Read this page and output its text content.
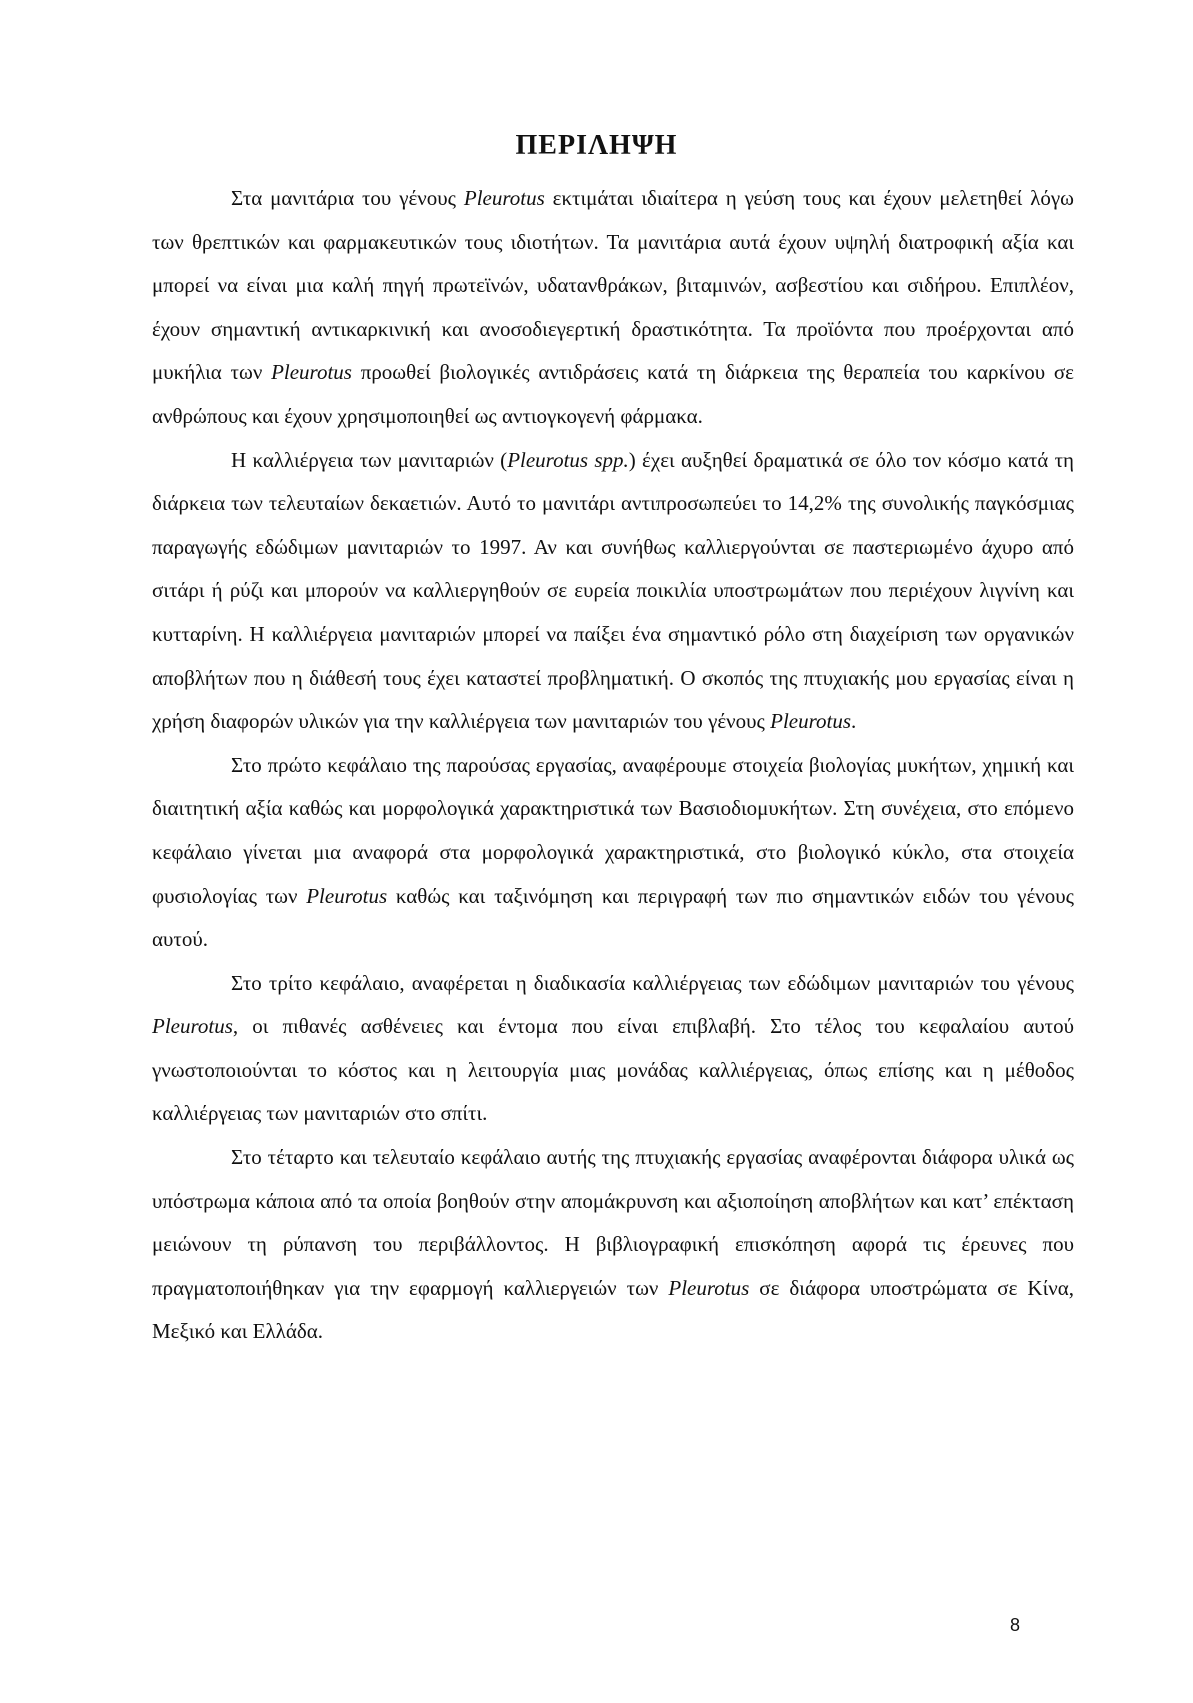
ΠΕΡΙΛΗΨΗ

Στα μανιτάρια του γένους Pleurotus εκτιμάται ιδιαίτερα η γεύση τους και έχουν μελετηθεί λόγω των θρεπτικών και φαρμακευτικών τους ιδιοτήτων. Τα μανιτάρια αυτά έχουν υψηλή διατροφική αξία και μπορεί να είναι μια καλή πηγή πρωτεϊνών, υδατανθράκων, βιταμινών, ασβεστίου και σιδήρου. Επιπλέον, έχουν σημαντική αντικαρκινική και ανοσοδιεγερτική δραστικότητα. Τα προϊόντα που προέρχονται από μυκήλια των Pleurotus προωθεί βιολογικές αντιδράσεις κατά τη διάρκεια της θεραπεία του καρκίνου σε ανθρώπους και έχουν χρησιμοποιηθεί ως αντιογκογενή φάρμακα.

Η καλλιέργεια των μανιταριών (Pleurotus spp.) έχει αυξηθεί δραματικά σε όλο τον κόσμο κατά τη διάρκεια των τελευταίων δεκαετιών. Αυτό το μανιτάρι αντιπροσωπεύει το 14,2% της συνολικής παγκόσμιας παραγωγής εδώδιμων μανιταριών το 1997. Αν και συνήθως καλλιεργούνται σε παστεριωμένο άχυρο από σιτάρι ή ρύζι και μπορούν να καλλιεργηθούν σε ευρεία ποικιλία υποστρωμάτων που περιέχουν λιγνίνη και κυτταρίνη. Η καλλιέργεια μανιταριών μπορεί να παίξει ένα σημαντικό ρόλο στη διαχείριση των οργανικών αποβλήτων που η διάθεσή τους έχει καταστεί προβληματική. Ο σκοπός της πτυχιακής μου εργασίας είναι η χρήση διαφορών υλικών για την καλλιέργεια των μανιταριών του γένους Pleurotus.

Στο πρώτο κεφάλαιο της παρούσας εργασίας, αναφέρουμε στοιχεία βιολογίας μυκήτων, χημική και διαιτητική αξία καθώς και μορφολογικά χαρακτηριστικά των Βασιοδιομυκήτων. Στη συνέχεια, στο επόμενο κεφάλαιο γίνεται μια αναφορά στα μορφολογικά χαρακτηριστικά, στο βιολογικό κύκλο, στα στοιχεία φυσιολογίας των Pleurotus καθώς και ταξινόμηση και περιγραφή των πιο σημαντικών ειδών του γένους αυτού.

Στο τρίτο κεφάλαιο, αναφέρεται η διαδικασία καλλιέργειας των εδώδιμων μανιταριών του γένους Pleurotus, οι πιθανές ασθένειες και έντομα που είναι επιβλαβή. Στο τέλος του κεφαλαίου αυτού γνωστοποιούνται το κόστος και η λειτουργία μιας μονάδας καλλιέργειας, όπως επίσης και η μέθοδος καλλιέργειας των μανιταριών στο σπίτι.

Στο τέταρτο και τελευταίο κεφάλαιο αυτής της πτυχιακής εργασίας αναφέρονται διάφορα υλικά ως υπόστρωμα κάποια από τα οποία βοηθούν στην απομάκρυνση και αξιοποίηση αποβλήτων και κατ’ επέκταση μειώνουν τη ρύπανση του περιβάλλοντος. Η βιβλιογραφική επισκόπηση αφορά τις έρευνες που πραγματοποιήθηκαν για την εφαρμογή καλλιεργειών των Pleurotus σε διάφορα υποστρώματα σε Κίνα, Μεξικό και Ελλάδα.

8
